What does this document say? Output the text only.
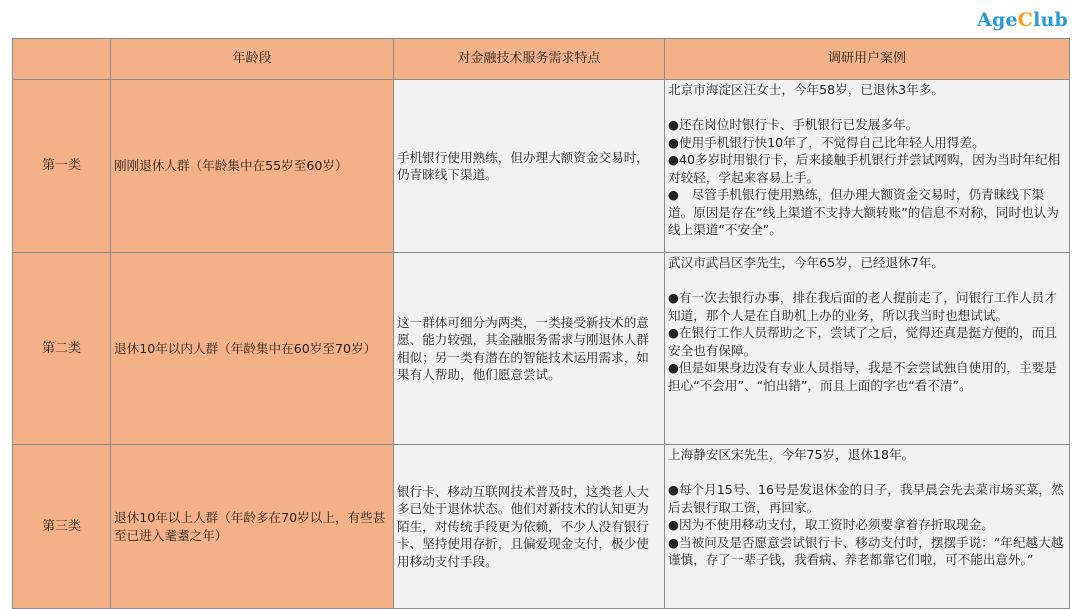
AgeClub
	年龄段	对金融技术服务需求特点	调研用户案例
第一类	刚刚退休人群（年龄集中在55岁至60岁）	手机银行使用熟练，但办理大额资金交易时，仍青睐线下渠道。	北京市海淀区汪女士，今年58岁，已退休3年多。

●还在岗位时银行卡、手机银行已发展多年。

●使用手机银行快10年了，不觉得自己比年轻人用得差。

●40多岁时用银行卡，后来接触手机银行并尝试网购，因为当时年纪相对较轻，学起来容易上手。

●　尽管手机银行使用熟练，但办理大额资金交易时，仍青睐线下渠道。原因是存在“线上渠道不支持大额转账”的信息不对称，同时也认为线上渠道“不安全”。

第二类	退休10年以内人群（年龄集中在60岁至70岁）	这一群体可细分为两类，一类接受新技术的意愿、能力较强，其金融服务需求与刚退休人群相似；另一类有潜在的智能技术运用需求，如果有人帮助，他们愿意尝试。	武汉市武昌区李先生，今年65岁，已经退休7年。

●有一次去银行办事，排在我后面的老人提前走了，问银行工作人员才知道，那个人是在自助机上办的业务，所以我当时也想试试。

●在银行工作人员帮助之下，尝试了之后，觉得还真是挺方便的，而且安全也有保障。

●但是如果身边没有专业人员指导，我是不会尝试独自使用的，主要是担心“不会用”、“怕出错”，而且上面的字也“看不清”。

第三类	退休10年以上人群（年龄多在70岁以上，有些甚至已进入耄耋之年）	银行卡、移动互联网技术普及时，这类老人大多已处于退休状态。他们对新技术的认知更为陌生，对传统手段更为依赖，不少人没有银行卡、坚持使用存折，且偏爱现金支付，极少使用移动支付手段。	上海静安区宋先生，今年75岁，退休18年。

●每个月15号、16号是发退休金的日子，我早晨会先去菜市场买菜，然后去银行取工资，再回家。

●因为不使用移动支付，取工资时必须要拿着存折取现金。

●当被问及是否愿意尝试银行卡、移动支付时，摆摆手说：“年纪越大越谨慎，存了一辈子钱，我看病、养老都靠它们啦，可不能出意外。”
